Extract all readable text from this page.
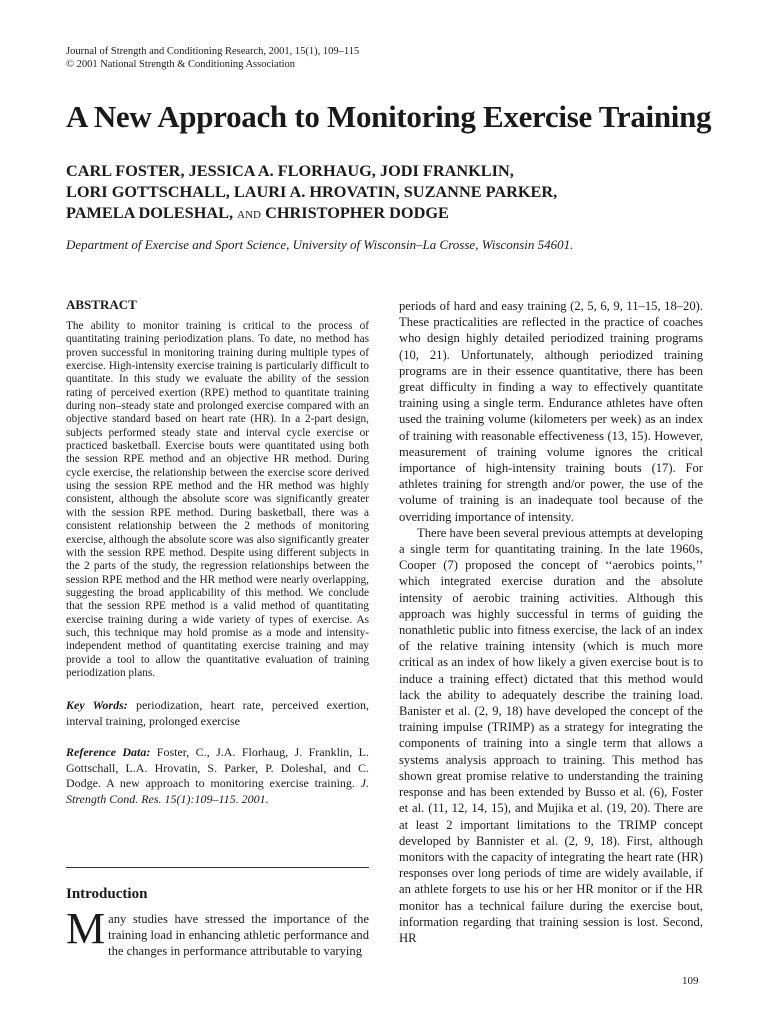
Journal of Strength and Conditioning Research, 2001, 15(1), 109–115
© 2001 National Strength & Conditioning Association
A New Approach to Monitoring Exercise Training
CARL FOSTER, JESSICA A. FLORHAUG, JODI FRANKLIN,
LORI GOTTSCHALL, LAURI A. HROVATIN, SUZANNE PARKER,
PAMELA DOLESHAL, and CHRISTOPHER DODGE
Department of Exercise and Sport Science, University of Wisconsin–La Crosse, Wisconsin 54601.
ABSTRACT

The ability to monitor training is critical to the process of quantitating training periodization plans. To date, no method has proven successful in monitoring training during multiple types of exercise. High-intensity exercise training is particularly difficult to quantitate. In this study we evaluate the ability of the session rating of perceived exertion (RPE) method to quantitate training during non–steady state and prolonged exercise compared with an objective standard based on heart rate (HR). In a 2-part design, subjects performed steady state and interval cycle exercise or practiced basketball. Exercise bouts were quantitated using both the session RPE method and an objective HR method. During cycle exercise, the relationship between the exercise score derived using the session RPE method and the HR method was highly consistent, although the absolute score was significantly greater with the session RPE method. During basketball, there was a consistent relationship between the 2 methods of monitoring exercise, although the absolute score was also significantly greater with the session RPE method. Despite using different subjects in the 2 parts of the study, the regression relationships between the session RPE method and the HR method were nearly overlapping, suggesting the broad applicability of this method. We conclude that the session RPE method is a valid method of quantitating exercise training during a wide variety of types of exercise. As such, this technique may hold promise as a mode and intensity-independent method of quantitating exercise training and may provide a tool to allow the quantitative evaluation of training periodization plans.

Key Words: periodization, heart rate, perceived exertion, interval training, prolonged exercise

Reference Data: Foster, C., J.A. Florhaug, J. Franklin, L. Gottschall, L.A. Hrovatin, S. Parker, P. Doleshal, and C. Dodge. A new approach to monitoring exercise training. J. Strength Cond. Res. 15(1):109–115. 2001.

Introduction

Many studies have stressed the importance of the training load in enhancing athletic performance and the changes in performance attributable to varying

periods of hard and easy training (2, 5, 6, 9, 11–15, 18–20). These practicalities are reflected in the practice of coaches who design highly detailed periodized training programs (10, 21). Unfortunately, although periodized training programs are in their essence quantitative, there has been great difficulty in finding a way to effectively quantitate training using a single term. Endurance athletes have often used the training volume (kilometers per week) as an index of training with reasonable effectiveness (13, 15). However, measurement of training volume ignores the critical importance of high-intensity training bouts (17). For athletes training for strength and/or power, the use of the volume of training is an inadequate tool because of the overriding importance of intensity.

There have been several previous attempts at developing a single term for quantitating training. In the late 1960s, Cooper (7) proposed the concept of ‘‘aerobics points,’’ which integrated exercise duration and the absolute intensity of aerobic training activities. Although this approach was highly successful in terms of guiding the nonathletic public into fitness exercise, the lack of an index of the relative training intensity (which is much more critical as an index of how likely a given exercise bout is to induce a training effect) dictated that this method would lack the ability to adequately describe the training load. Banister et al. (2, 9, 18) have developed the concept of the training impulse (TRIMP) as a strategy for integrating the components of training into a single term that allows a systems analysis approach to training. This method has shown great promise relative to understanding the training response and has been extended by Busso et al. (6), Foster et al. (11, 12, 14, 15), and Mujika et al. (19, 20). There are at least 2 important limitations to the TRIMP concept developed by Bannister et al. (2, 9, 18). First, although monitors with the capacity of integrating the heart rate (HR) responses over long periods of time are widely available, if an athlete forgets to use his or her HR monitor or if the HR monitor has a technical failure during the exercise bout, information regarding that training session is lost. Second, HR

109
